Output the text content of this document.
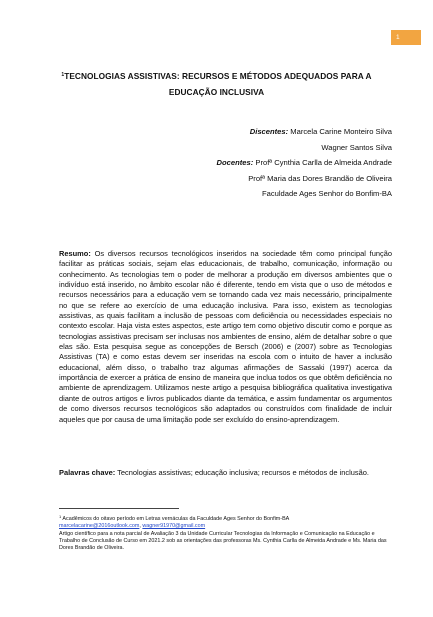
1
$^1$TECNOLOGIAS ASSISTIVAS: RECURSOS E MÉTODOS ADEQUADOS PARA A
EDUCAÇÃO INCLUSIVA
Discentes: Marcela Carine Monteiro Silva
Wagner Santos Silva
Docentes: Profª Cynthia Carlla de Almeida Andrade
Profª Maria das Dores Brandão de Oliveira
Faculdade Ages Senhor do Bonfim-BA

Resumo: Os diversos recursos tecnológicos inseridos na sociedade têm como principal função facilitar as práticas sociais, sejam elas educacionais, de trabalho, comunicação, informação ou conhecimento. As tecnologias tem o poder de melhorar a produção em diversos ambientes que o indivíduo está inserido, no âmbito escolar não é diferente, tendo em vista que o uso de métodos e recursos necessários para a educação vem se tornando cada vez mais necessário, principalmente no que se refere ao exercício de uma educação inclusiva. Para isso, existem as tecnologias assistivas, as quais facilitam a inclusão de pessoas com deficiência ou necessidades especiais no contexto escolar. Haja vista estes aspectos, este artigo tem como objetivo discutir como e porque as tecnologias assistivas precisam ser inclusas nos ambientes de ensino, além de detalhar sobre o que elas são. Esta pesquisa segue as concepções de Bersch (2006) e (2007) sobre as Tecnologias Assistivas (TA) e como estas devem ser inseridas na escola com o intuito de haver a inclusão educacional, além disso, o trabalho traz algumas afirmações de Sassaki (1997) acerca da importância de exercer a prática de ensino de maneira que inclua todos os que obtêm deficiência no ambiente de aprendizagem. Utilizamos neste artigo a pesquisa bibliográfica qualitativa investigativa diante de outros artigos e livros publicados diante da temática, e assim fundamentar os argumentos de como diversos recursos tecnológicos são adaptados ou construídos com finalidade de incluir aqueles que por causa de uma limitação pode ser excluído do ensino-aprendizagem.

Palavras chave: Tecnologias assistivas; educação inclusiva; recursos e métodos de inclusão.

$^1$ Acadêmicos do oitavo período em Letras vernáculas da Faculdade Ages Senhor do Bonfim-BA
marcelacarine@2016outlook.com, wagner91970@gmail.com
Artigo científico para a nota parcial de Avaliação 3 da Unidade Curricular Tecnologias da Informação e Comunicação na Educação e Trabalho de Conclusão de Curso em 2021.2 sob as orientações das professoras Ms. Cynthia Carlla de Almeida Andrade e Ms. Maria das Dores Brandão de Oliveira.
